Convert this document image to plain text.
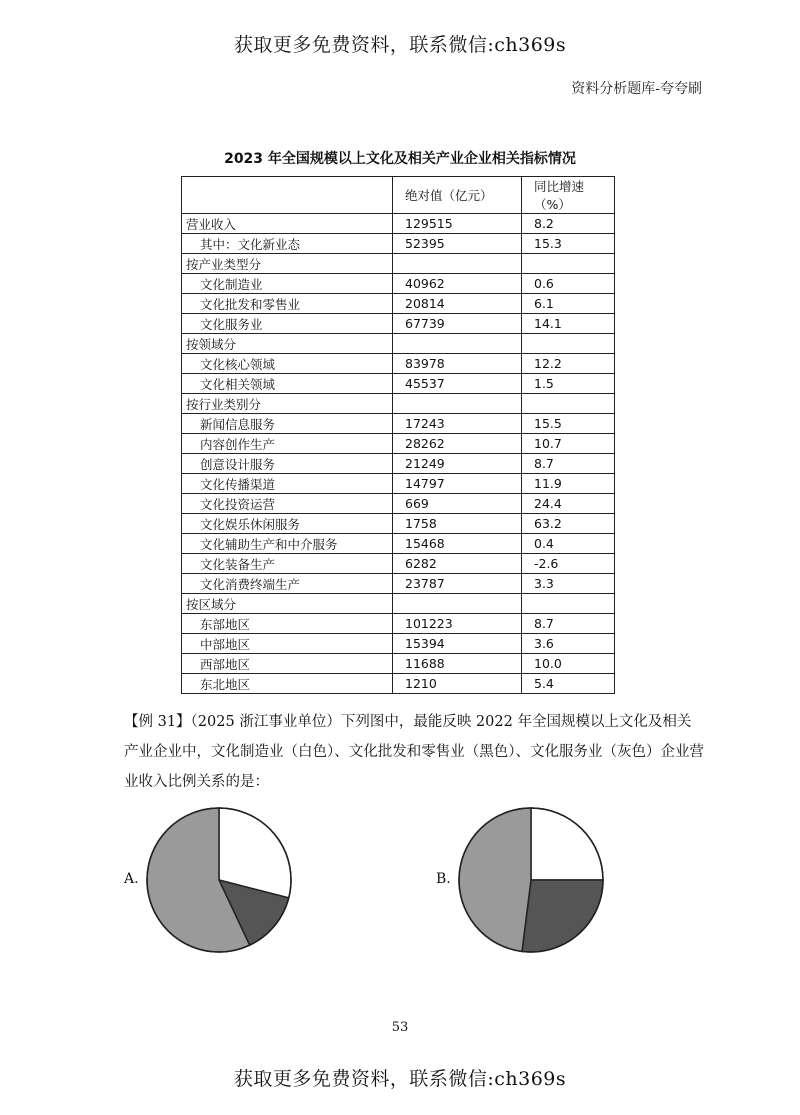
获取更多免费资料，联系微信:ch369s
资料分析题库-夸夸刷
2023 年全国规模以上文化及相关产业企业相关指标情况
	绝对值（亿元）	同比增速（%）
营业收入	129515	8.2
其中：文化新业态	52395	15.3
按产业类型分		
文化制造业	40962	0.6
文化批发和零售业	20814	6.1
文化服务业	67739	14.1
按领域分		
文化核心领域	83978	12.2
文化相关领域	45537	1.5
按行业类别分		
新闻信息服务	17243	15.5
内容创作生产	28262	10.7
创意设计服务	21249	8.7
文化传播渠道	14797	11.9
文化投资运营	669	24.4
文化娱乐休闲服务	1758	63.2
文化辅助生产和中介服务	15468	0.4
文化装备生产	6282	-2.6
文化消费终端生产	23787	3.3
按区域分		
东部地区	101223	8.7
中部地区	15394	3.6
西部地区	11688	10.0
东北地区	1210	5.4
【例 31】（2025 浙江事业单位）下列图中，最能反映 2022 年全国规模以上文化及相关产业企业中，文化制造业（白色）、文化批发和零售业（黑色）、文化服务业（灰色）企业营业收入比例关系的是：
A.	B.
53
获取更多免费资料，联系微信:ch369s
